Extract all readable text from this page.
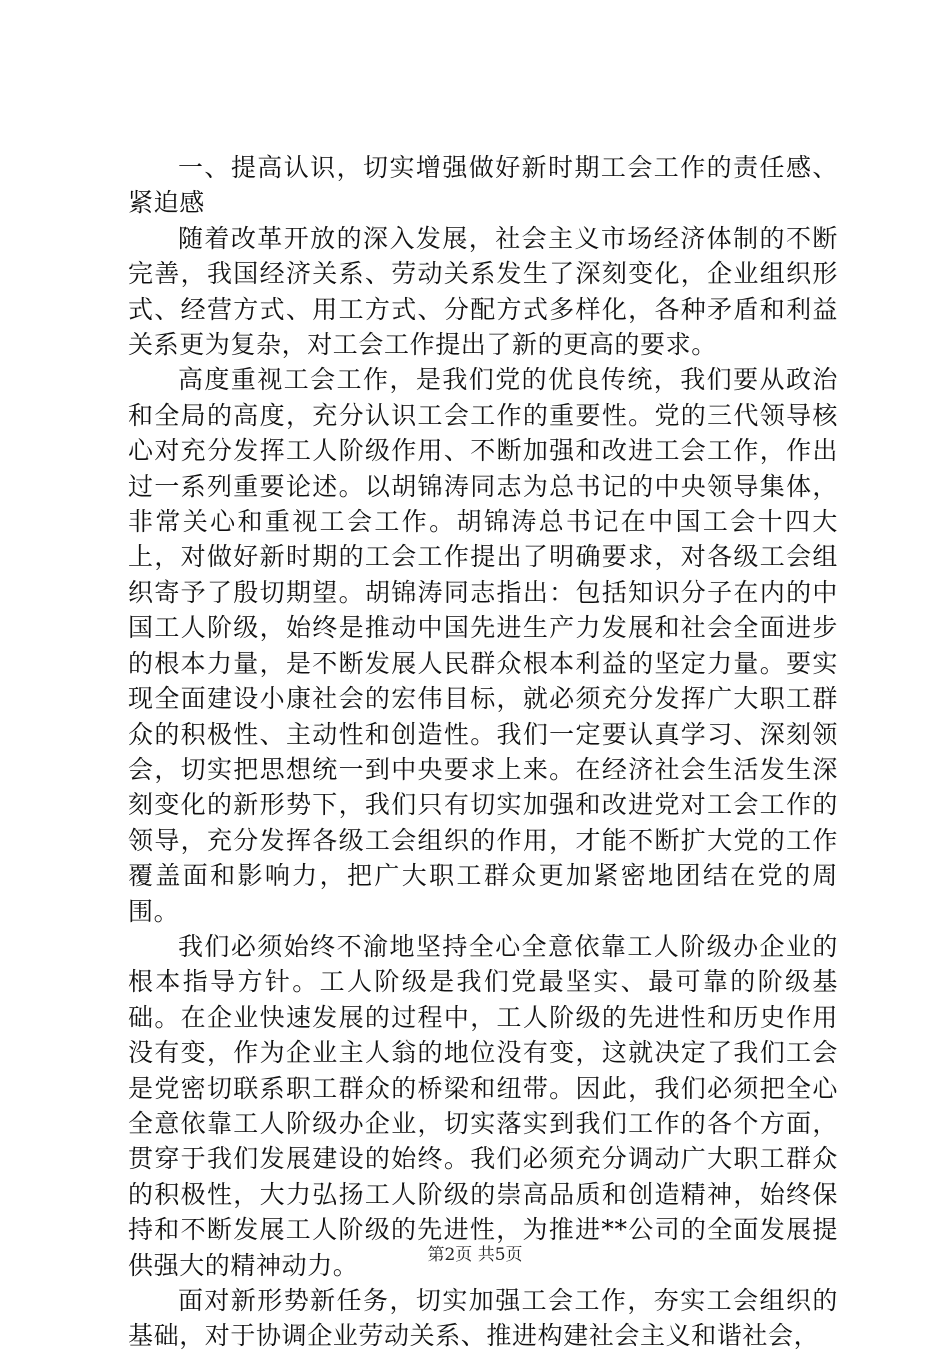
一、提高认识，切实增强做好新时期工会工作的责任感、紧迫感

随着改革开放的深入发展，社会主义市场经济体制的不断完善，我国经济关系、劳动关系发生了深刻变化，企业组织形式、经营方式、用工方式、分配方式多样化，各种矛盾和利益关系更为复杂，对工会工作提出了新的更高的要求。

高度重视工会工作，是我们党的优良传统，我们要从政治和全局的高度，充分认识工会工作的重要性。党的三代领导核心对充分发挥工人阶级作用、不断加强和改进工会工作，作出过一系列重要论述。以胡锦涛同志为总书记的中央领导集体，非常关心和重视工会工作。胡锦涛总书记在中国工会十四大上，对做好新时期的工会工作提出了明确要求，对各级工会组织寄予了殷切期望。胡锦涛同志指出：包括知识分子在内的中国工人阶级，始终是推动中国先进生产力发展和社会全面进步的根本力量，是不断发展人民群众根本利益的坚定力量。要实现全面建设小康社会的宏伟目标，就必须充分发挥广大职工群众的积极性、主动性和创造性。我们一定要认真学习、深刻领会，切实把思想统一到中央要求上来。在经济社会生活发生深刻变化的新形势下，我们只有切实加强和改进党对工会工作的领导，充分发挥各级工会组织的作用，才能不断扩大党的工作覆盖面和影响力，把广大职工群众更加紧密地团结在党的周围。

我们必须始终不渝地坚持全心全意依靠工人阶级办企业的根本指导方针。工人阶级是我们党最坚实、最可靠的阶级基础。在企业快速发展的过程中，工人阶级的先进性和历史作用没有变，作为企业主人翁的地位没有变，这就决定了我们工会是党密切联系职工群众的桥梁和纽带。因此，我们必须把全心全意依靠工人阶级办企业，切实落实到我们工作的各个方面，贯穿于我们发展建设的始终。我们必须充分调动广大职工群众的积极性，大力弘扬工人阶级的崇高品质和创造精神，始终保持和不断发展工人阶级的先进性，为推进**公司的全面发展提供强大的精神动力。

面对新形势新任务，切实加强工会工作，夯实工会组织的基础，对于协调企业劳动关系、推进构建社会主义和谐社会，

第2页 共5页
